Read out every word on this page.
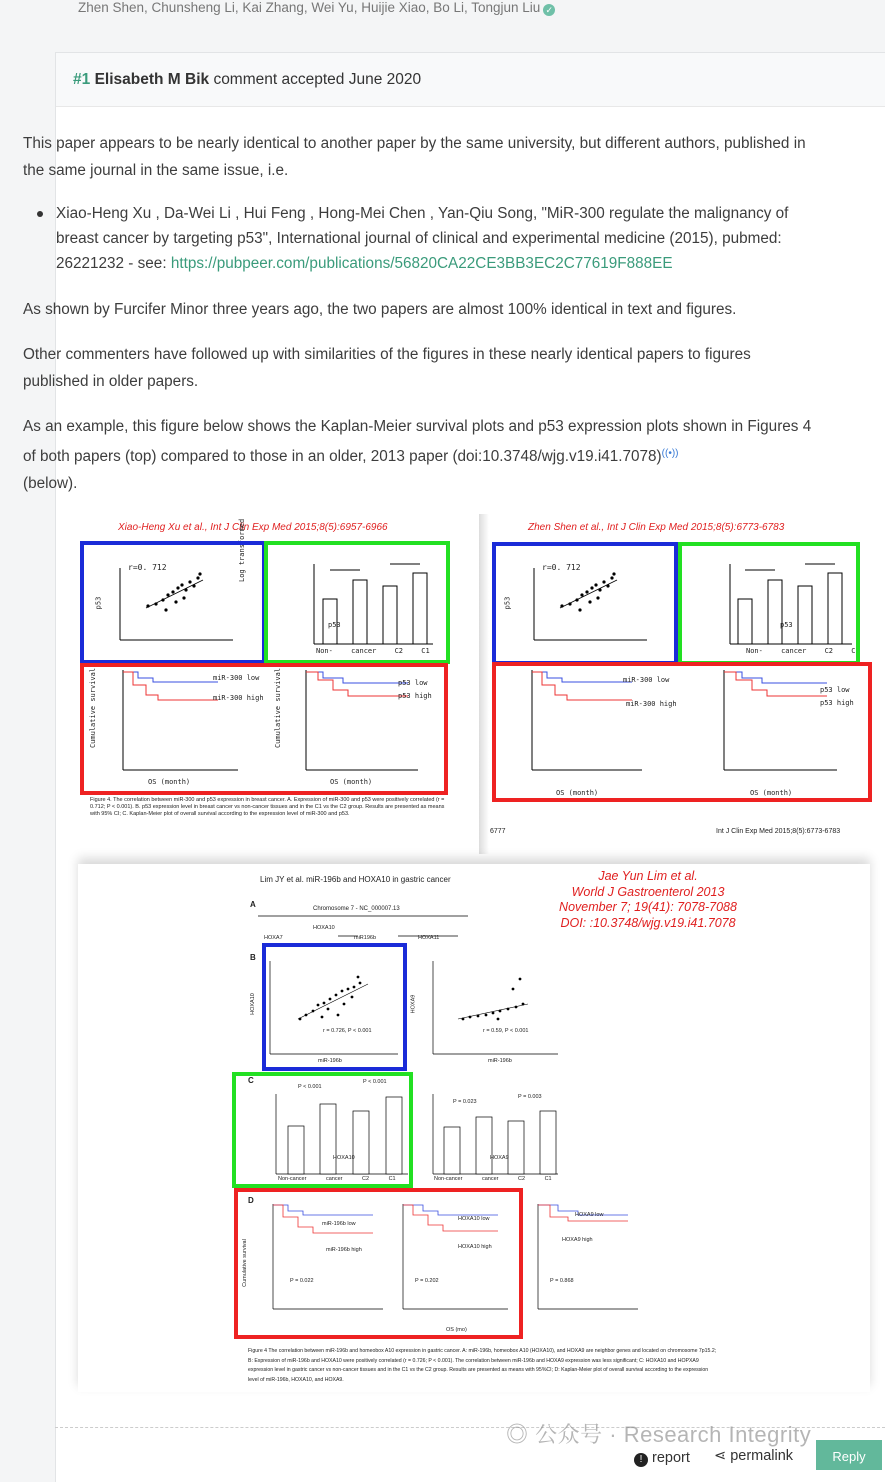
Zhen Shen, Chunsheng Li, Kai Zhang, Wei Yu, Huijie Xiao, Bo Li, Tongjun Liu ✓
#1 Elisabeth M Bik comment accepted June 2020

This paper appears to be nearly identical to another paper by the same university, but different authors, published in the same journal in the same issue, i.e.

Xiao-Heng Xu , Da-Wei Li , Hui Feng , Hong-Mei Chen , Yan-Qiu Song, "MiR-300 regulate the malignancy of breast cancer by targeting p53", International journal of clinical and experimental medicine (2015), pubmed: 26221232 - see: https://pubpeer.com/publications/56820CA22CE3BB3EC2C77619F888EE

As shown by Furcifer Minor three years ago, the two papers are almost 100% identical in text and figures.

Other commenters have followed up with similarities of the figures in these nearly identical papers to figures published in older papers.

As an example, this figure below shows the Kaplan-Meier survival plots and p53 expression plots shown in Figures 4 of both papers (top) compared to those in an older, 2013 paper (doi:10.3748/wjg.v19.i41.7078)((•))
(below).

Xiao-Heng Xu et al., Int J Clin Exp Med 2015;8(5):6957-6966	Zhen Shen et al., Int J Clin Exp Med 2015;8(5):6773-6783
r=0. 712
p53
Log transformed
p53
Non-	cancer	C2	C1
miR-300 low
miR-300 high
p53 low
p53 high
OS (month)	OS (month)
Cumulative survival	Cumulative survival
Figure 4. The correlation between miR-300 and p53 expression in breast cancer. A. Expression of miR-300 and p53 were positively correlated (r = 0.712; P < 0.001). B. p53 expression level in breast cancer vs non-cancer tissues and in the C1 vs the C2 group. Results are presented as means with 95% CI; C. Kaplan-Meier plot of overall survival according to the expression level of miR-300 and p53.
r=0. 712
p53
Non-	cancer	C2	C1
p53
miR-300 low
miR-300 high
p53 low
p53 high
OS (month)	OS (month)
6777	Int J Clin Exp Med 2015;8(5):6773-6783
Lim JY et al. miR-196b and HOXA10 in gastric cancer	Jae Yun Lim et al.
World J Gastroenterol 2013
November 7; 19(41): 7078-7088
DOI: :10.3748/wjg.v19.i41.7078
A	Chromosome 7 - NC_000007.13
HOXA10
HOXA7	HOXA11
miR196b
B
r = 0.726, P < 0.001	r = 0.59, P < 0.001
miR-196b	miR-196b
HOXA10	HOXA9
C
P < 0.001
P < 0.001
P = 0.023
P = 0.003
HOXA10	HOXA9
Non-cancer	cancer	C2	C1	Non-cancer	cancer	C2	C1
D
miR-196b low
miR-196b high
HOXA10 low
HOXA10 high
HOXA9 low
HOXA9 high
P = 0.022	P = 0.202	P = 0.868
OS (mo)
Cumulative survival
Figure 4 The correlation between miR-196b and homeobox A10 expression in gastric cancer. A: miR-196b, homeobox A10 (HOXA10), and HOXA9 are neighbor genes and located on chromosome 7p15.2; B: Expression of miR-196b and HOXA10 were positively correlated (r = 0.726; P < 0.001). The correlation between miR-196b and HOXA9 expression was less significant; C: HOXA10 and HOPXA9 expression level in gastric cancer vs non-cancer tissues and in the C1 vs the C2 group. Results are presented as means with 95%CI; D: Kaplan-Meier plot of overall survival according to the expression level of miR-196b, HOXA10, and HOXA9.
◎ 公众号 · Research Integrity
! report ⋖ permalink	Reply
